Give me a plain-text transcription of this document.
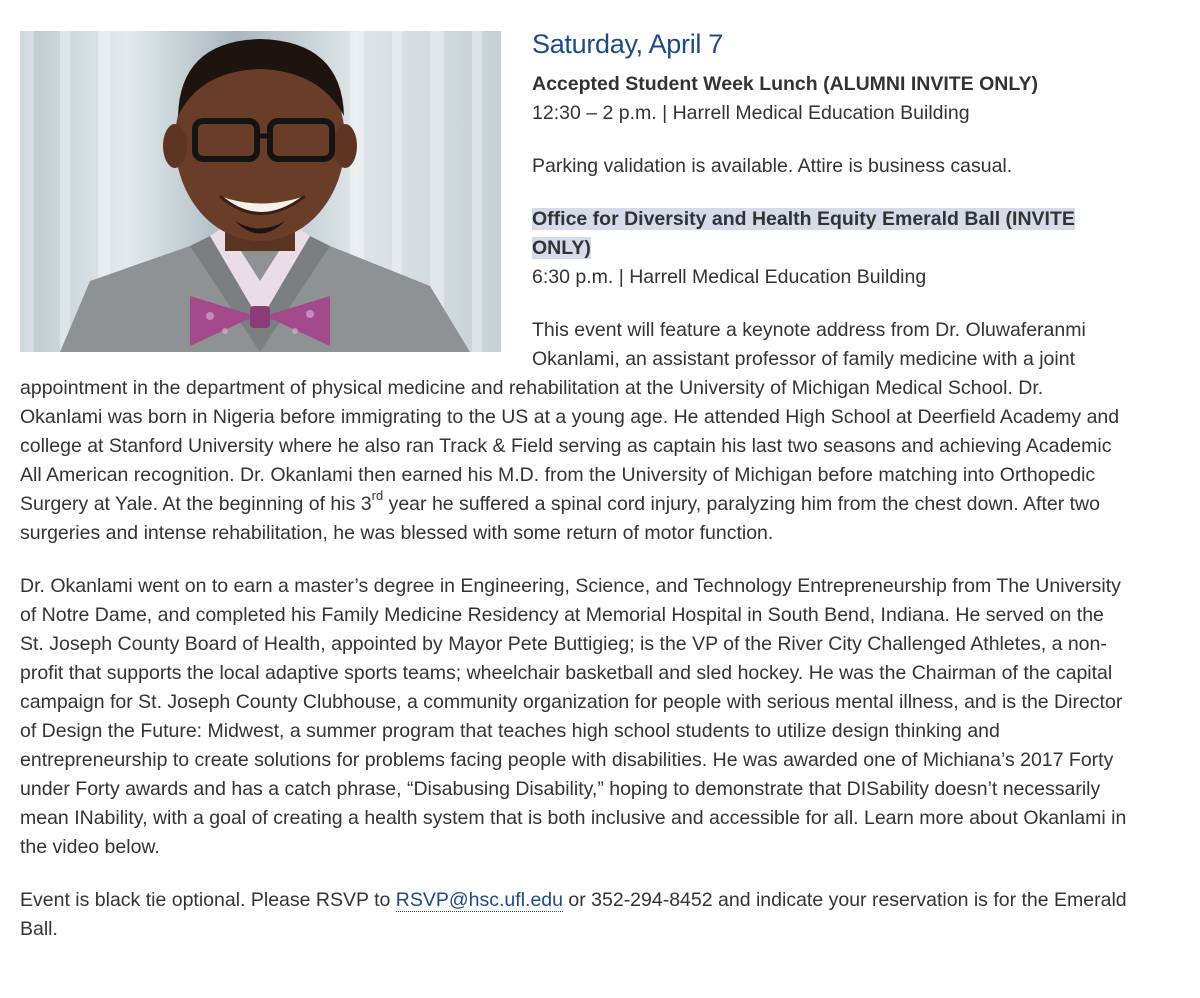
Saturday, April 7

Accepted Student Week Lunch (ALUMNI INVITE ONLY)
12:30 – 2 p.m. | Harrell Medical Education Building

Parking validation is available. Attire is business casual.

Office for Diversity and Health Equity Emerald Ball (INVITE ONLY)
6:30 p.m. | Harrell Medical Education Building

This event will feature a keynote address from Dr. Oluwaferanmi Okanlami, an assistant professor of family medicine with a joint appointment in the department of physical medicine and rehabilitation at the University of Michigan Medical School. Dr. Okanlami was born in Nigeria before immigrating to the US at a young age. He attended High School at Deerfield Academy and college at Stanford University where he also ran Track & Field serving as captain his last two seasons and achieving Academic All American recognition. Dr. Okanlami then earned his M.D. from the University of Michigan before matching into Orthopedic Surgery at Yale. At the beginning of his 3rd year he suffered a spinal cord injury, paralyzing him from the chest down. After two surgeries and intense rehabilitation, he was blessed with some return of motor function.

Dr. Okanlami went on to earn a master’s degree in Engineering, Science, and Technology Entrepreneurship from The University of Notre Dame, and completed his Family Medicine Residency at Memorial Hospital in South Bend, Indiana. He served on the St. Joseph County Board of Health, appointed by Mayor Pete Buttigieg; is the VP of the River City Challenged Athletes, a non-profit that supports the local adaptive sports teams; wheelchair basketball and sled hockey. He was the Chairman of the capital campaign for St. Joseph County Clubhouse, a community organization for people with serious mental illness, and is the Director of Design the Future: Midwest, a summer program that teaches high school students to utilize design thinking and entrepreneurship to create solutions for problems facing people with disabilities. He was awarded one of Michiana’s 2017 Forty under Forty awards and has a catch phrase, “Disabusing Disability,” hoping to demonstrate that DISability doesn’t necessarily mean INability, with a goal of creating a health system that is both inclusive and accessible for all. Learn more about Okanlami in the video below.

Event is black tie optional. Please RSVP to RSVP@hsc.ufl.edu or 352-294-8452 and indicate your reservation is for the Emerald Ball.
